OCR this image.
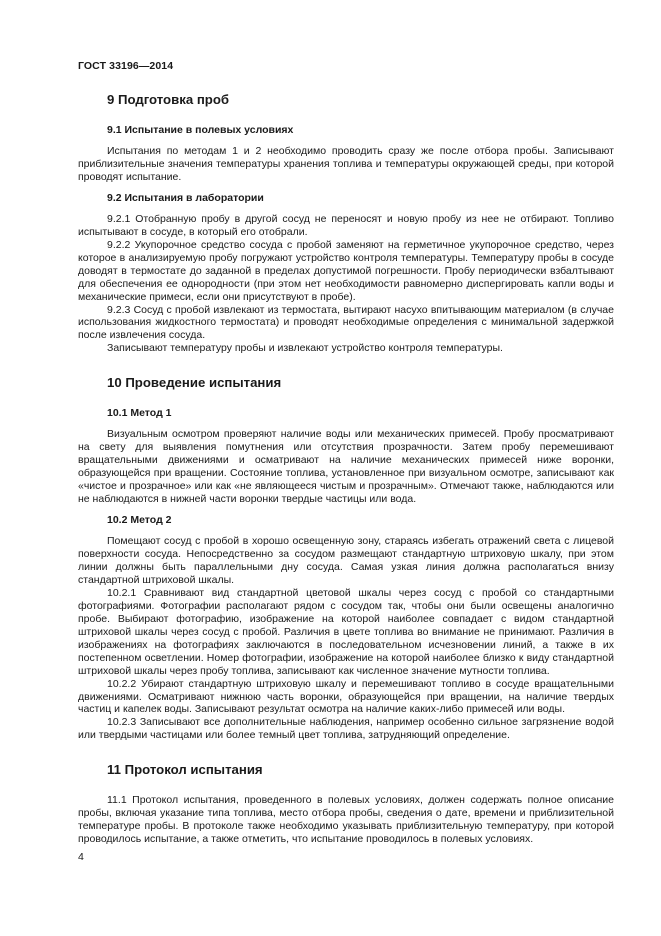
ГОСТ 33196—2014
9 Подготовка проб
9.1 Испытание в полевых условиях

Испытания по методам 1 и 2 необходимо проводить сразу же после отбора пробы. Записывают приблизительные значения температуры хранения топлива и температуры окружающей среды, при которой проводят испытание.

9.2 Испытания в лаборатории

9.2.1 Отобранную пробу в другой сосуд не переносят и новую пробу из нее не отбирают. Топливо испытывают в сосуде, в который его отобрали.

9.2.2 Укупорочное средство сосуда с пробой заменяют на герметичное укупорочное средство, через которое в анализируемую пробу погружают устройство контроля температуры. Температуру пробы в сосуде доводят в термостате до заданной в пределах допустимой погрешности. Пробу периодически взбалтывают для обеспечения ее однородности (при этом нет необходимости равномерно диспергировать капли воды и механические примеси, если они присутствуют в пробе).

9.2.3 Сосуд с пробой извлекают из термостата, вытирают насухо впитывающим материалом (в случае использования жидкостного термостата) и проводят необходимые определения с минимальной задержкой после извлечения сосуда.

Записывают температуру пробы и извлекают устройство контроля температуры.

10 Проведение испытания
10.1 Метод 1

Визуальным осмотром проверяют наличие воды или механических примесей. Пробу просматривают на свету для выявления помутнения или отсутствия прозрачности. Затем пробу перемешивают вращательными движениями и осматривают на наличие механических примесей ниже воронки, образующейся при вращении. Состояние топлива, установленное при визуальном осмотре, записывают как «чистое и прозрачное» или как «не являющееся чистым и прозрачным». Отмечают также, наблюдаются или не наблюдаются в нижней части воронки твердые частицы или вода.

10.2 Метод 2

Помещают сосуд с пробой в хорошо освещенную зону, стараясь избегать отражений света с лицевой поверхности сосуда. Непосредственно за сосудом размещают стандартную штриховую шкалу, при этом линии должны быть параллельными дну сосуда. Самая узкая линия должна располагаться внизу стандартной штриховой шкалы.

10.2.1 Сравнивают вид стандартной цветовой шкалы через сосуд с пробой со стандартными фотографиями. Фотографии располагают рядом с сосудом так, чтобы они были освещены аналогично пробе. Выбирают фотографию, изображение на которой наиболее совпадает с видом стандартной штриховой шкалы через сосуд с пробой. Различия в цвете топлива во внимание не принимают. Различия в изображениях на фотографиях заключаются в последовательном исчезновении линий, а также в их постепенном осветлении. Номер фотографии, изображение на которой наиболее близко к виду стандартной штриховой шкалы через пробу топлива, записывают как численное значение мутности топлива.

10.2.2 Убирают стандартную штриховую шкалу и перемешивают топливо в сосуде вращательными движениями. Осматривают нижнюю часть воронки, образующейся при вращении, на наличие твердых частиц и капелек воды. Записывают результат осмотра на наличие каких-либо примесей или воды.

10.2.3 Записывают все дополнительные наблюдения, например особенно сильное загрязнение водой или твердыми частицами или более темный цвет топлива, затрудняющий определение.

11 Протокол испытания

11.1 Протокол испытания, проведенного в полевых условиях, должен содержать полное описание пробы, включая указание типа топлива, место отбора пробы, сведения о дате, времени и приблизительной температуре пробы. В протоколе также необходимо указывать приблизительную температуру, при которой проводилось испытание, а также отметить, что испытание проводилось в полевых условиях.

4
